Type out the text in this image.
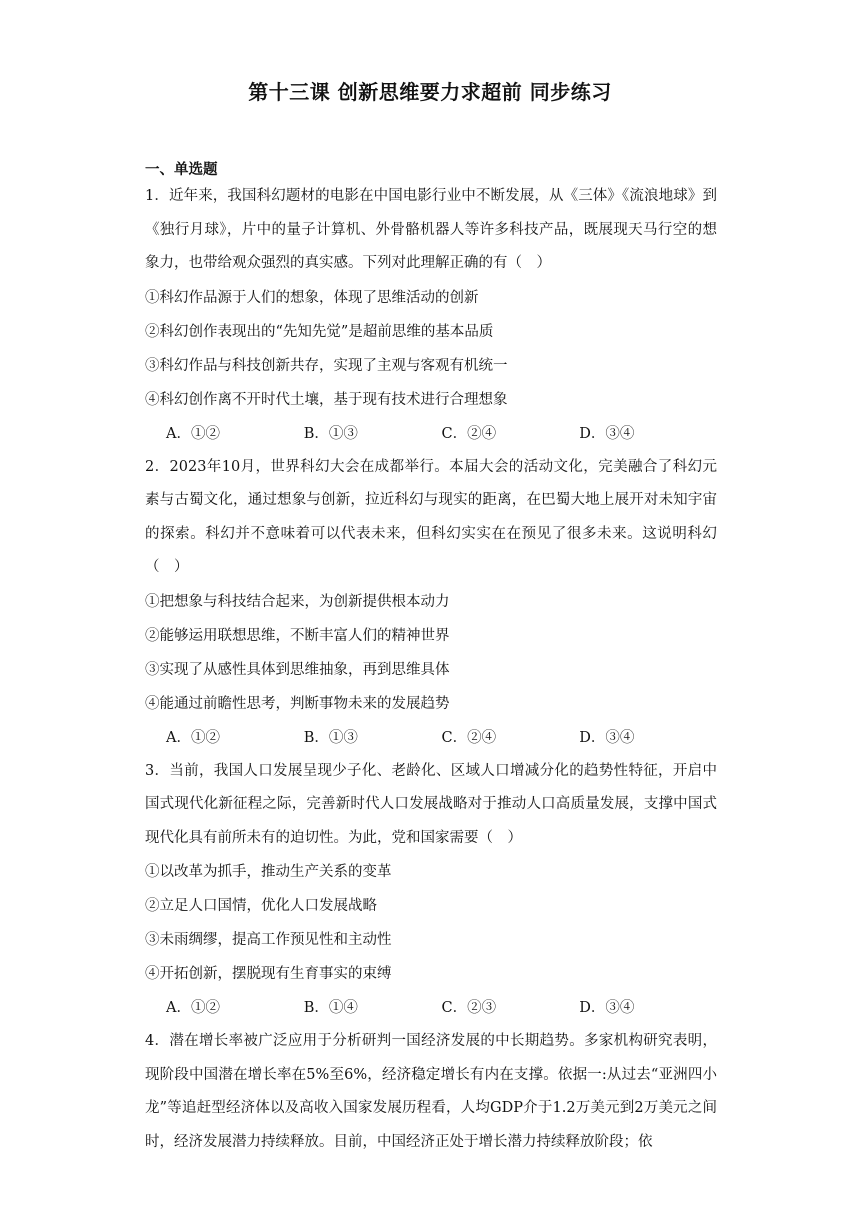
第十三课 创新思维要力求超前 同步练习
一、单选题

1．近年来，我国科幻题材的电影在中国电影行业中不断发展，从《三体》《流浪地球》到《独行月球》，片中的量子计算机、外骨骼机器人等许多科技产品，既展现天马行空的想象力，也带给观众强烈的真实感。下列对此理解正确的有（　）

①科幻作品源于人们的想象，体现了思维活动的创新

②科幻创作表现出的“先知先觉”是超前思维的基本品质

③科幻作品与科技创新共存，实现了主观与客观有机统一

④科幻创作离不开时代土壤，基于现有技术进行合理想象

A．①②	B．①③	C．②④	D．③④

2．2023年10月，世界科幻大会在成都举行。本届大会的活动文化，完美融合了科幻元素与古蜀文化，通过想象与创新，拉近科幻与现实的距离，在巴蜀大地上展开对未知宇宙的探索。科幻并不意味着可以代表未来，但科幻实实在在预见了很多未来。这说明科幻（　）

①把想象与科技结合起来，为创新提供根本动力

②能够运用联想思维，不断丰富人们的精神世界

③实现了从感性具体到思维抽象，再到思维具体

④能通过前瞻性思考，判断事物未来的发展趋势

A．①②	B．①③	C．②④	D．③④

3．当前，我国人口发展呈现少子化、老龄化、区域人口增减分化的趋势性特征，开启中国式现代化新征程之际，完善新时代人口发展战略对于推动人口高质量发展，支撑中国式现代化具有前所未有的迫切性。为此，党和国家需要（　）

①以改革为抓手，推动生产关系的变革

②立足人口国情，优化人口发展战略

③未雨绸缪，提高工作预见性和主动性

④开拓创新，摆脱现有生育事实的束缚

A．①②	B．①④	C．②③	D．③④

4．潜在增长率被广泛应用于分析研判一国经济发展的中长期趋势。多家机构研究表明，现阶段中国潜在增长率在5%至6%，经济稳定增长有内在支撑。依据一:从过去“亚洲四小龙”等追赶型经济体以及高收入国家发展历程看，人均GDP介于1.2万美元到2万美元之间时，经济发展潜力持续释放。目前，中国经济正处于增长潜力持续释放阶段；依
